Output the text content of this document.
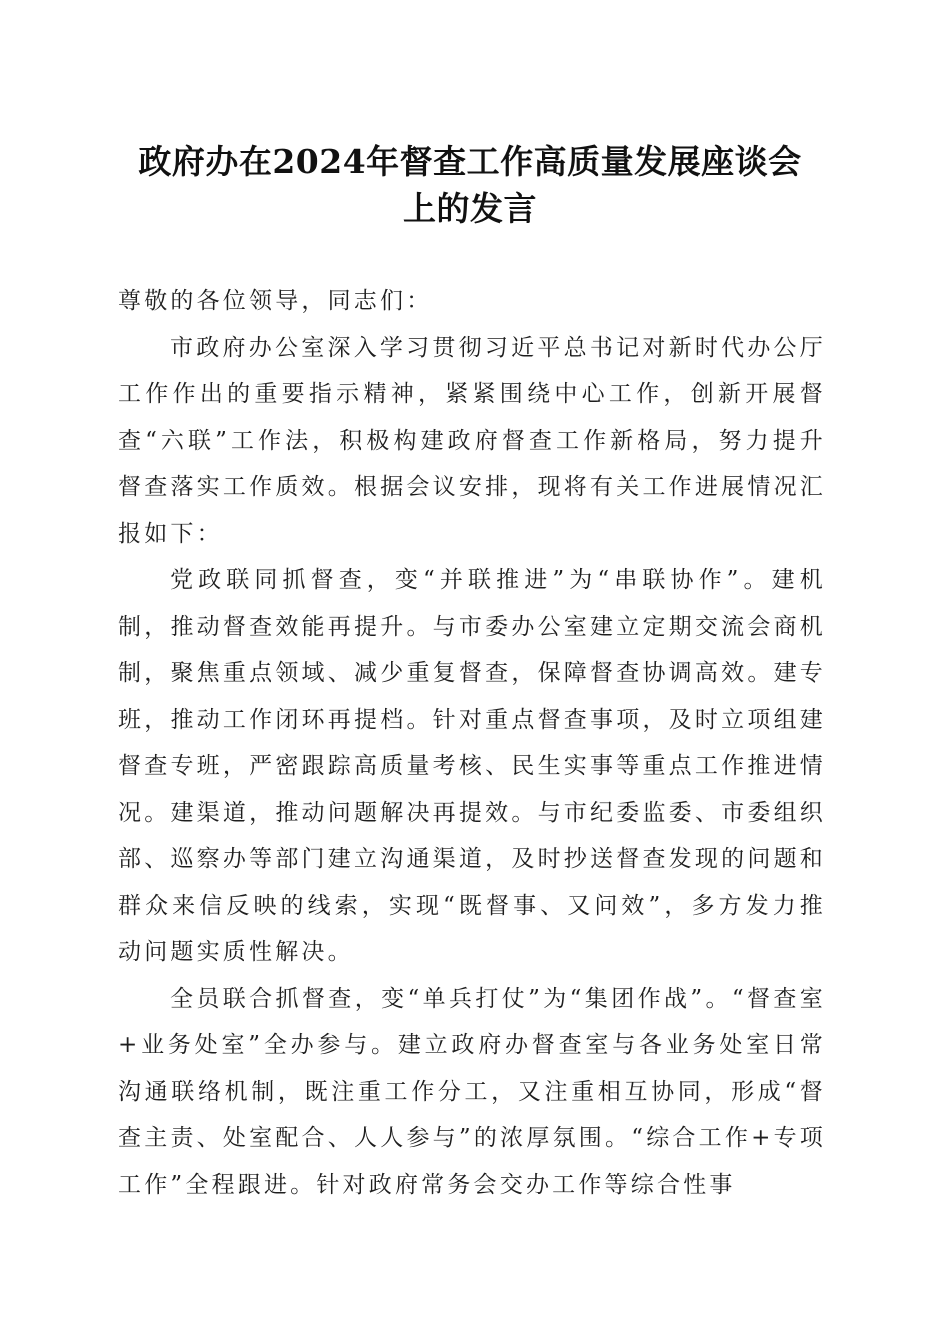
政府办在2024年督查工作高质量发展座谈会
上的发言

尊敬的各位领导，同志们：

市政府办公室深入学习贯彻习近平总书记对新时代办公厅工作作出的重要指示精神，紧紧围绕中心工作，创新开展督查“六联”工作法，积极构建政府督查工作新格局，努力提升督查落实工作质效。根据会议安排，现将有关工作进展情况汇报如下：

党政联同抓督查，变“并联推进”为“串联协作”。建机制，推动督查效能再提升。与市委办公室建立定期交流会商机制，聚焦重点领域、减少重复督查，保障督查协调高效。建专班，推动工作闭环再提档。针对重点督查事项，及时立项组建督查专班，严密跟踪高质量考核、民生实事等重点工作推进情况。建渠道，推动问题解决再提效。与市纪委监委、市委组织部、巡察办等部门建立沟通渠道，及时抄送督查发现的问题和群众来信反映的线索，实现“既督事、又问效”，多方发力推动问题实质性解决。

全员联合抓督查，变“单兵打仗”为“集团作战”。“督查室+业务处室”全办参与。建立政府办督查室与各业务处室日常沟通联络机制，既注重工作分工，又注重相互协同，形成“督查主责、处室配合、人人参与”的浓厚氛围。“综合工作+专项工作”全程跟进。针对政府常务会交办工作等综合性事
